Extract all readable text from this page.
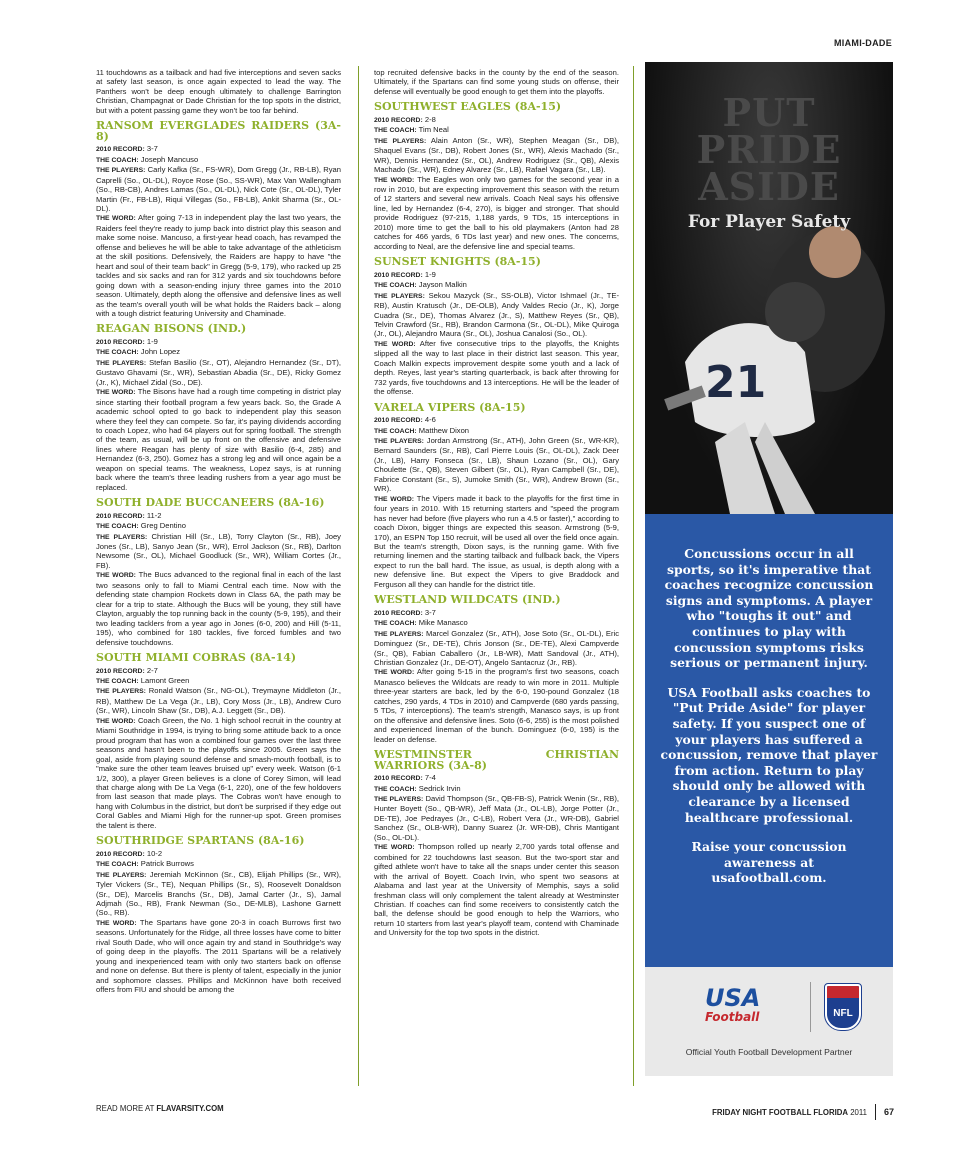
MIAMI-DADE

11 touchdowns as a tailback and had five interceptions and seven sacks at safety last season, is once again expected to lead the way. The Panthers won't be deep enough ultimately to challenge Barrington Christian, Champagnat or Dade Christian for the top spots in the district, but with a potent passing game they won't be too far behind.

RANSOM EVERGLADES RAIDERS (3A-8)

2010 RECORD: 3-7

THE COACH: Joseph Mancuso

THE PLAYERS: Carly Kafka (Sr., FS-WR), Dom Gregg (Jr., RB-LB), Ryan Caprelli (So., OL-DL), Royce Rose (So., SS-WR), Max Van Wallengham (So., RB-CB), Andres Lamas (So., OL-DL), Nick Cote (Sr., OL-DL), Tyler Martin (Fr., FB-LB), Riqui Villegas (So., FB-LB), Ankit Sharma (Sr., OL-DL).

THE WORD: After going 7-13 in independent play the last two years, the Raiders feel they're ready to jump back into district play this season and make some noise. Mancuso, a first-year head coach, has revamped the offense and believes he will be able to take advantage of the athleticism at the skill positions. Defensively, the Raiders are happy to have "the heart and soul of their team back" in Gregg (5-9, 179), who racked up 25 tackles and six sacks and ran for 312 yards and six touchdowns before going down with a season-ending injury three games into the 2010 season. Ultimately, depth along the offensive and defensive lines as well as the team's overall youth will be what holds the Raiders back – along with a tough district featuring University and Chaminade.

REAGAN BISONS (IND.)

2010 RECORD: 1-9

THE COACH: John Lopez

THE PLAYERS: Stefan Basilio (Sr., OT), Alejandro Hernandez (Sr., DT), Gustavo Ghavami (Sr., WR), Sebastian Abadia (Sr., DE), Ricky Gomez (Jr., K), Michael Zidal (So., DE).

THE WORD: The Bisons have had a rough time competing in district play since starting their football program a few years back. So, the Grade A academic school opted to go back to independent play this season where they feel they can compete. So far, it's paying dividends according to coach Lopez, who had 64 players out for spring football. The strength of the team, as usual, will be up front on the offensive and defensive lines where Reagan has plenty of size with Basilio (6-4, 285) and Hernandez (6-3, 250). Gomez has a strong leg and will once again be a weapon on special teams. The weakness, Lopez says, is at running back where the team's three leading rushers from a year ago must be replaced.

SOUTH DADE BUCCANEERS (8A-16)

2010 RECORD: 11-2

THE COACH: Greg Dentino

THE PLAYERS: Christian Hill (Sr., LB), Torry Clayton (Sr., RB), Joey Jones (Sr., LB), Sanyo Jean (Sr., WR), Errol Jackson (Sr., RB), Darlton Newsome (Sr., OL), Michael Goodluck (Sr., WR), William Cortes (Jr., FB).

THE WORD: The Bucs advanced to the regional final in each of the last two seasons only to fall to Miami Central each time. Now with the defending state champion Rockets down in Class 6A, the path may be clear for a trip to state. Although the Bucs will be young, they still have Clayton, arguably the top running back in the county (5-9, 195), and their two leading tacklers from a year ago in Jones (6-0, 200) and Hill (5-11, 195), who combined for 180 tackles, five forced fumbles and two defensive touchdowns.

SOUTH MIAMI COBRAS (8A-14)

2010 RECORD: 2-7

THE COACH: Lamont Green

THE PLAYERS: Ronald Watson (Sr., NG-OL), Treymayne Middleton (Jr., RB), Matthew De La Vega (Jr., LB), Cory Moss (Jr., LB), Andrew Curo (Sr., WR), Lincoln Shaw (Sr., DB), A.J. Leggett (Sr., DB).

THE WORD: Coach Green, the No. 1 high school recruit in the country at Miami Southridge in 1994, is trying to bring some attitude back to a once proud program that has won a combined four games over the last three seasons and hasn't been to the playoffs since 2005. Green says the goal, aside from playing sound defense and smash-mouth football, is to "make sure the other team leaves bruised up" every week. Watson (6-1 1/2, 300), a player Green believes is a clone of Corey Simon, will lead that charge along with De La Vega (6-1, 220), one of the few holdovers from last season that made plays. The Cobras won't have enough to hang with Columbus in the district, but don't be surprised if they edge out Coral Gables and Miami High for the runner-up spot. Green promises the talent is there.

SOUTHRIDGE SPARTANS (8A-16)

2010 RECORD: 10-2

THE COACH: Patrick Burrows

THE PLAYERS: Jeremiah McKinnon (Sr., CB), Elijah Phillips (Sr., WR), Tyler Vickers (Sr., TE), Nequan Phillips (Sr., S), Roosevelt Donaldson (Sr., DE), Marcelis Branchs (Sr., DB), Jamal Carter (Jr., S), Jamal Adjmah (So., RB), Frank Newman (So., DE-MLB), Lashone Garnett (So., RB).

THE WORD: The Spartans have gone 20-3 in coach Burrows first two seasons. Unfortunately for the Ridge, all three losses have come to bitter rival South Dade, who will once again try and stand in Southridge's way of going deep in the playoffs. The 2011 Spartans will be a relatively young and inexperienced team with only two starters back on offense and none on defense. But there is plenty of talent, especially in the junior and sophomore classes. Phillips and McKinnon have both received offers from FIU and should be among the

top recruited defensive backs in the county by the end of the season. Ultimately, if the Spartans can find some young studs on offense, their defense will eventually be good enough to get them into the playoffs.

SOUTHWEST EAGLES (8A-15)

2010 RECORD: 2-8

THE COACH: Tim Neal

THE PLAYERS: Alain Anton (Sr., WR), Stephen Meagan (Sr., DB), Shaquel Evans (Sr., DB), Robert Jones (Sr., WR), Alexis Machado (Sr., WR), Dennis Hernandez (Sr., OL), Andrew Rodriguez (Sr., QB), Alexis Machado (Sr., WR), Edney Alvarez (Sr., LB), Rafael Vagara (Sr., LB).

THE WORD: The Eagles won only two games for the second year in a row in 2010, but are expecting improvement this season with the return of 12 starters and several new arrivals. Coach Neal says his offensive line, led by Hernandez (6-4, 270), is bigger and stronger. That should provide Rodriguez (97-215, 1,188 yards, 9 TDs, 15 interceptions in 2010) more time to get the ball to his old playmakers (Anton had 28 catches for 466 yards, 6 TDs last year) and new ones. The concerns, according to Neal, are the defensive line and special teams.

SUNSET KNIGHTS (8A-15)

2010 RECORD: 1-9

THE COACH: Jayson Malkin

THE PLAYERS: Sekou Mazyck (Sr., SS-OLB), Victor Ishmael (Jr., TE-RB), Austin Kratusch (Jr., DE-OLB), Andy Valdes Recio (Jr., K), Jorge Cuadra (Sr., DE), Thomas Alvarez (Jr., S), Matthew Reyes (Sr., QB), Telvin Crawford (Sr., RB), Brandon Carmona (Sr., OL-DL), Mike Quiroga (Jr., OL), Alejandro Maura (Sr., OL), Joshua Canalosi (So., OL).

THE WORD: After five consecutive trips to the playoffs, the Knights slipped all the way to last place in their district last season. This year, Coach Malkin expects improvement despite some youth and a lack of depth. Reyes, last year's starting quarterback, is back after throwing for 732 yards, five touchdowns and 13 interceptions. He will be the leader of the offense.

VARELA VIPERS (8A-15)

2010 RECORD: 4-6

THE COACH: Matthew Dixon

THE PLAYERS: Jordan Armstrong (Sr., ATH), John Green (Sr., WR-KR), Bernard Saunders (Sr., RB), Carl Pierre Louis (Sr., OL-DL), Zack Deer (Jr., LB), Harry Fonseca (Sr., LB), Shaun Lozano (Sr., OL), Gary Choulette (Sr., QB), Steven Gilbert (Sr., OL), Ryan Campbell (Sr., DE), Fabrice Constant (Sr., S), Jumoke Smith (Sr., WR), Andrew Brown (Sr., WR).

THE WORD: The Vipers made it back to the playoffs for the first time in four years in 2010. With 15 returning starters and "speed the program has never had before (five players who run a 4.5 or faster)," according to coach Dixon, bigger things are expected this season. Armstrong (5-9, 170), an ESPN Top 150 recruit, will be used all over the field once again. But the team's strength, Dixon says, is the running game. With five returning linemen and the starting tailback and fullback back, the Vipers expect to run the ball hard. The issue, as usual, is depth along with a new defensive line. But expect the Vipers to give Braddock and Ferguson all they can handle for the district title.

WESTLAND WILDCATS (IND.)

2010 RECORD: 3-7

THE COACH: Mike Manasco

THE PLAYERS: Marcel Gonzalez (Sr., ATH), Jose Soto (Sr., OL-DL), Eric Dominguez (Sr., DE-TE), Chris Jonson (Sr., DE-TE), Alexi Campverde (Sr., QB), Fabian Caballero (Jr., LB-WR), Matt Sandoval (Jr., ATH), Christian Gonzalez (Jr., DE-OT), Angelo Santacruz (Jr., RB).

THE WORD: After going 5-15 in the program's first two seasons, coach Manasco believes the Wildcats are ready to win more in 2011. Multiple three-year starters are back, led by the 6-0, 190-pound Gonzalez (18 catches, 290 yards, 4 TDs in 2010) and Campverde (680 yards passing, 5 TDs, 7 interceptions). The team's strength, Manasco says, is up front on the offensive and defensive lines. Soto (6-6, 255) is the most polished and experienced lineman of the bunch. Dominguez (6-0, 195) is the leader on defense.

WESTMINSTER CHRISTIAN WARRIORS (3A-8)

2010 RECORD: 7-4

THE COACH: Sedrick Irvin

THE PLAYERS: David Thompson (Sr., QB-FB-S), Patrick Wenin (Sr., RB), Hunter Boyett (So., QB-WR), Jeff Mata (Jr., OL-LB), Jorge Potter (Jr., DE-TE), Joe Pedrayes (Jr., C-LB), Robert Vera (Jr., WR-DB), Gabriel Sanchez (Sr., OLB-WR), Danny Suarez (Jr. WR-DB), Chris Mantigant (So., OL-DL).

THE WORD: Thompson rolled up nearly 2,700 yards total offense and combined for 22 touchdowns last season. But the two-sport star and gifted athlete won't have to take all the snaps under center this season with the arrival of Boyett. Coach Irvin, who spent two seasons at Alabama and last year at the University of Memphis, says a solid freshman class will only complement the talent already at Westminster Christian. If coaches can find some receivers to consistently catch the ball, the defense should be good enough to help the Warriors, who return 10 starters from last year's playoff team, contend with Chaminade and University for the top two spots in the district.

21
PUT
PRIDE
ASIDE
For Player Safety

Concussions occur in all sports, so it's imperative that coaches recognize concussion signs and symptoms. A player who "toughs it out" and continues to play with concussion symptoms risks serious or permanent injury.

USA Football asks coaches to "Put Pride Aside" for player safety. If you suspect one of your players has suffered a concussion, remove that player from action. Return to play should only be allowed with clearance by a licensed healthcare professional.

Raise your concussion awareness at
usafootball.com.

USA
Football	NFL
Official Youth Football Development Partner
READ MORE AT FLAVARSITY.COM	FRIDAY NIGHT FOOTBALL FLORIDA
2011 67
